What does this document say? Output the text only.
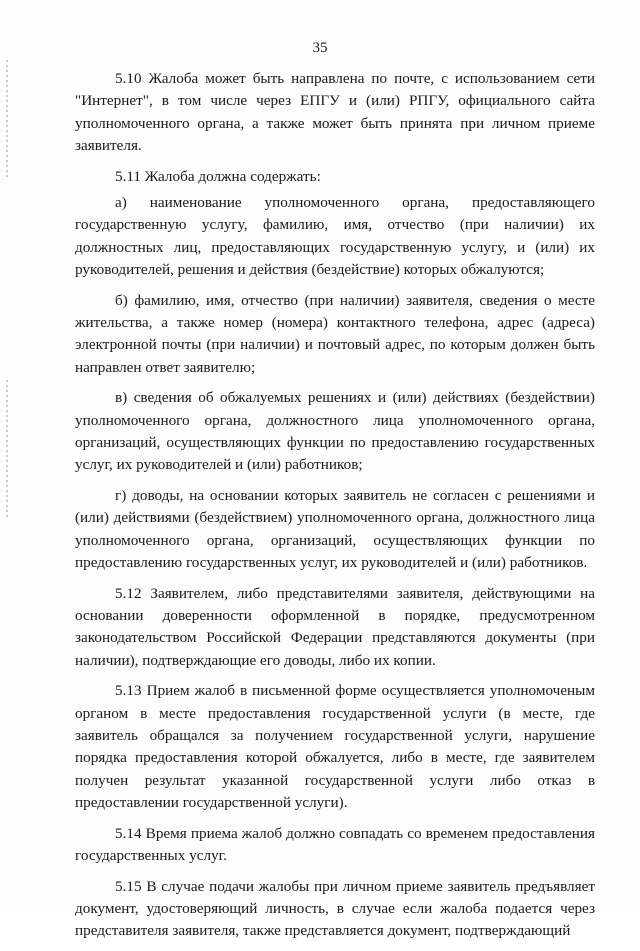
35

5.10 Жалоба может быть направлена по почте, с использованием сети "Интернет", в том числе через ЕПГУ и (или) РПГУ, официального сайта уполномоченного органа, а также может быть принята при личном приеме заявителя.

5.11 Жалоба должна содержать:

а) наименование уполномоченного органа, предоставляющего государственную услугу, фамилию, имя, отчество (при наличии) их должностных лиц, предоставляющих государственную услугу, и (или) их руководителей, решения и действия (бездействие) которых обжалуются;

б) фамилию, имя, отчество (при наличии) заявителя, сведения о месте жительства, а также номер (номера) контактного телефона, адрес (адреса) электронной почты (при наличии) и почтовый адрес, по которым должен быть направлен ответ заявителю;

в) сведения об обжалуемых решениях и (или) действиях (бездействии) уполномоченного органа, должностного лица уполномоченного органа, организаций, осуществляющих функции по предоставлению государственных услуг, их руководителей и (или) работников;

г) доводы, на основании которых заявитель не согласен с решениями и (или) действиями (бездействием) уполномоченного органа, должностного лица уполномоченного органа, организаций, осуществляющих функции по предоставлению государственных услуг, их руководителей и (или) работников.

5.12 Заявителем, либо представителями заявителя, действующими на основании доверенности оформленной в порядке, предусмотренном законодательством Российской Федерации представляются документы (при наличии), подтверждающие его доводы, либо их копии.

5.13 Прием жалоб в письменной форме осуществляется уполномоченым органом в месте предоставления государственной услуги (в месте, где заявитель обращался за получением государственной услуги, нарушение порядка предоставления которой обжалуется, либо в месте, где заявителем получен результат указанной государственной услуги либо отказ в предоставлении государственной услуги).

5.14 Время приема жалоб должно совпадать со временем предоставления государственных услуг.

5.15 В случае подачи жалобы при личном приеме заявитель предъявляет документ, удостоверяющий личность, в случае если жалоба подается через представителя заявителя, также представляется документ, подтверждающий
